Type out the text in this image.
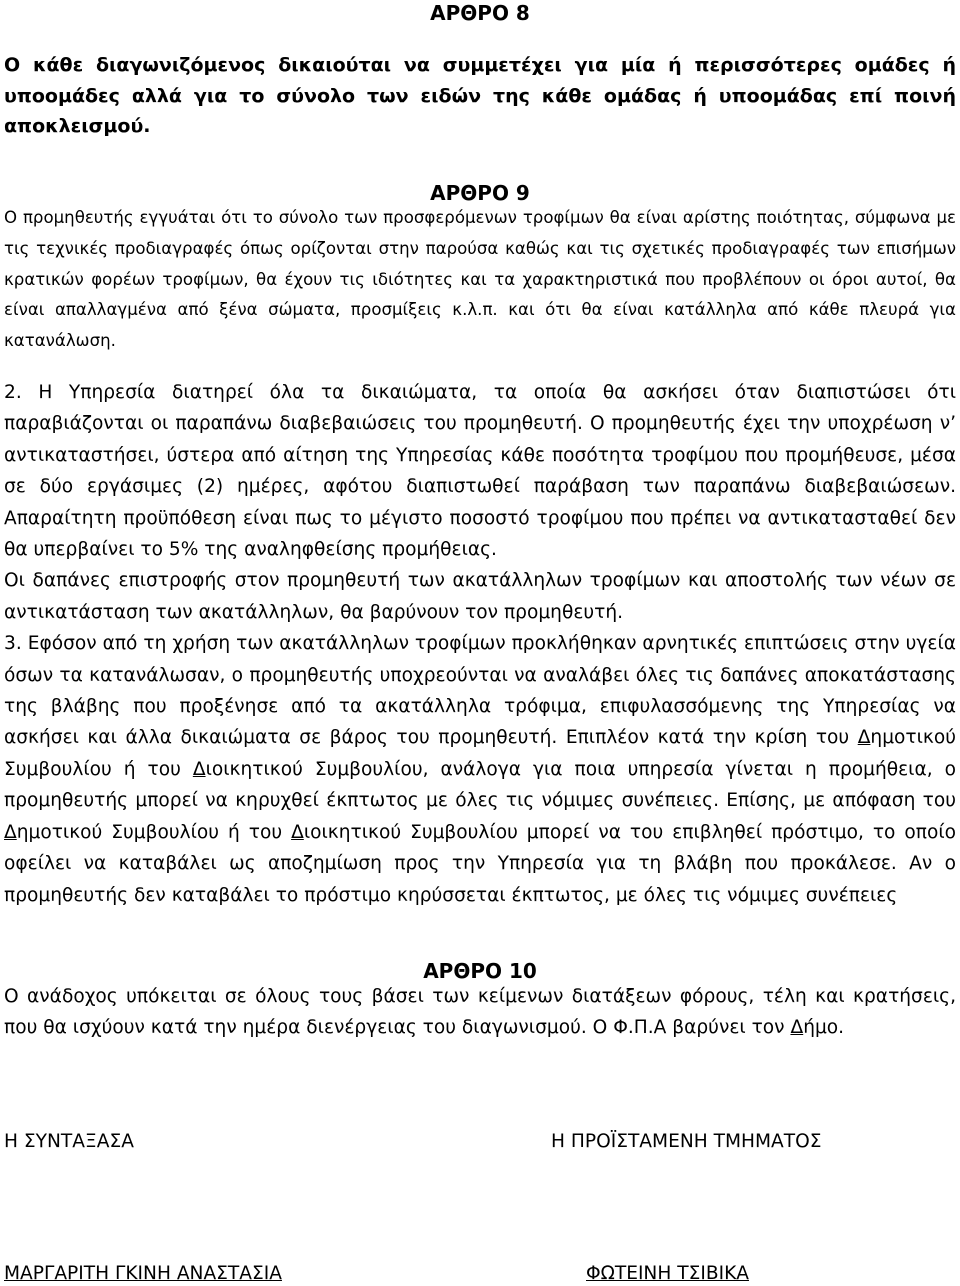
ΑΡΘΡΟ 8

Ο κάθε διαγωνιζόμενος δικαιούται να συμμετέχει για μία ή περισσότερες ομάδες ή υποομάδες αλλά για το σύνολο των ειδών της κάθε ομάδας ή υποομάδας επί ποινή αποκλεισμού.

ΑΡΘΡΟ 9

Ο προμηθευτής εγγυάται ότι το σύνολο των προσφερόμενων τροφίμων θα είναι αρίστης ποιότητας, σύμφωνα με τις τεχνικές προδιαγραφές όπως ορίζονται στην παρούσα καθώς και τις σχετικές προδιαγραφές των επισήμων κρατικών φορέων τροφίμων, θα έχουν τις ιδιότητες και τα χαρακτηριστικά που προβλέπουν οι όροι αυτοί, θα είναι απαλλαγμένα από ξένα σώματα, προσμίξεις κ.λ.π. και ότι θα είναι κατάλληλα από κάθε πλευρά για κατανάλωση.

2. Η Υπηρεσία διατηρεί όλα τα δικαιώματα, τα οποία θα ασκήσει όταν διαπιστώσει ότι παραβιάζονται οι παραπάνω διαβεβαιώσεις του προμηθευτή. Ο προμηθευτής έχει την υποχρέωση ν’ αντικαταστήσει, ύστερα από αίτηση της Υπηρεσίας κάθε ποσότητα τροφίμου που προμήθευσε, μέσα σε δύο εργάσιμες (2) ημέρες, αφότου διαπιστωθεί παράβαση των παραπάνω διαβεβαιώσεων. Απαραίτητη προϋπόθεση είναι πως το μέγιστο ποσοστό τροφίμου που πρέπει να αντικατασταθεί δεν θα υπερβαίνει το 5% της αναληφθείσης προμήθειας.

Οι δαπάνες επιστροφής στον προμηθευτή των ακατάλληλων τροφίμων και αποστολής των νέων σε αντικατάσταση των ακατάλληλων, θα βαρύνουν τον προμηθευτή.

3. Εφόσον από τη χρήση των ακατάλληλων τροφίμων προκλήθηκαν αρνητικές επιπτώσεις στην υγεία όσων τα κατανάλωσαν, ο προμηθευτής υποχρεούνται να αναλάβει όλες τις δαπάνες αποκατάστασης της βλάβης που προξένησε από τα ακατάλληλα τρόφιμα, επιφυλασσόμενης της Υπηρεσίας να ασκήσει και άλλα δικαιώματα σε βάρος του προμηθευτή. Επιπλέον κατά την κρίση του Δημοτικού Συμβουλίου ή του Διοικητικού Συμβουλίου, ανάλογα για ποια υπηρεσία γίνεται η προμήθεια, ο προμηθευτής μπορεί να κηρυχθεί έκπτωτος με όλες τις νόμιμες συνέπειες. Επίσης, με απόφαση του Δημοτικού Συμβουλίου ή του Διοικητικού Συμβουλίου μπορεί να του επιβληθεί πρόστιμο, το οποίο οφείλει να καταβάλει ως αποζημίωση προς την Υπηρεσία για τη βλάβη που προκάλεσε. Αν ο προμηθευτής δεν καταβάλει το πρόστιμο κηρύσσεται έκπτωτος, με όλες τις νόμιμες συνέπειες

ΑΡΘΡΟ 10

Ο ανάδοχος υπόκειται σε όλους τους βάσει των κείμενων διατάξεων φόρους, τέλη και κρατήσεις, που θα ισχύουν κατά την ημέρα διενέργειας του διαγωνισμού. Ο Φ.Π.Α βαρύνει τον Δήμο.

Η ΣΥΝΤΑΞΑΣΑ	Η ΠΡΟΪΣΤΑΜΕΝΗ ΤΜΗΜΑΤΟΣ

ΜΑΡΓΑΡΙΤΗ ΓΚΙΝΗ ΑΝΑΣΤΑΣΙΑ	ΦΩΤΕΙΝΗ ΤΣΙΒΙΚΑ
